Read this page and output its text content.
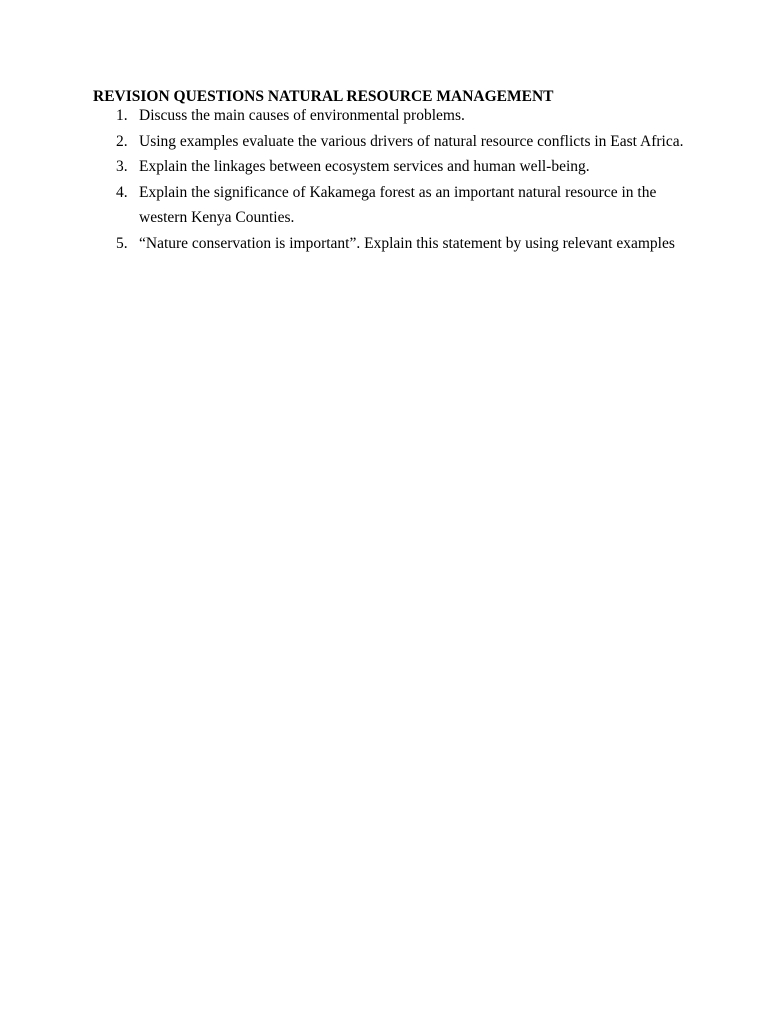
REVISION QUESTIONS NATURAL RESOURCE MANAGEMENT
1. Discuss the main causes of environmental problems.
2. Using examples evaluate the various drivers of natural resource conflicts in East Africa.
3. Explain the linkages between ecosystem services and human well-being.
4. Explain the significance of Kakamega forest as an important natural resource in the western Kenya Counties.
5. “Nature conservation is important”. Explain this statement by using relevant examples
